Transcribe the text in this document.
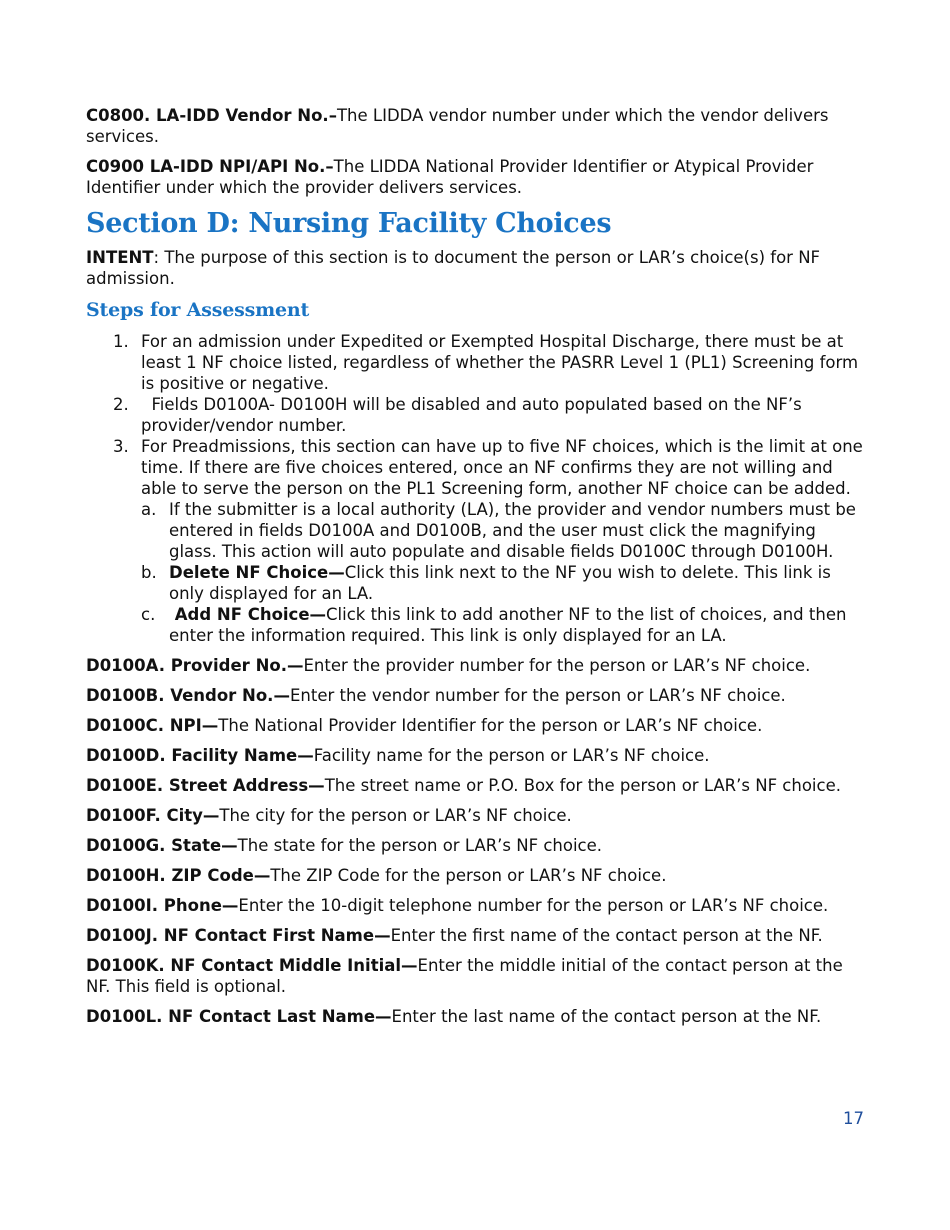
C0800. LA-IDD Vendor No.–The LIDDA vendor number under which the vendor delivers services.

C0900 LA-IDD NPI/API No.–The LIDDA National Provider Identifier or Atypical Provider Identifier under which the provider delivers services.

Section D: Nursing Facility Choices

INTENT: The purpose of this section is to document the person or LAR’s choice(s) for NF admission.

Steps for Assessment
1. For an admission under Expedited or Exempted Hospital Discharge, there must be at least 1 NF choice listed, regardless of whether the PASRR Level 1 (PL1) Screening form is positive or negative.
2. Fields D0100A- D0100H will be disabled and auto populated based on the NF’s provider/vendor number.
3. For Preadmissions, this section can have up to five NF choices, which is the limit at one time. If there are five choices entered, once an NF confirms they are not willing and able to serve the person on the PL1 Screening form, another NF choice can be added.
a. If the submitter is a local authority (LA), the provider and vendor numbers must be entered in fields D0100A and D0100B, and the user must click the magnifying glass. This action will auto populate and disable fields D0100C through D0100H.
b. Delete NF Choice—Click this link next to the NF you wish to delete. This link is only displayed for an LA.
c. Add NF Choice—Click this link to add another NF to the list of choices, and then enter the information required. This link is only displayed for an LA.

D0100A. Provider No.—Enter the provider number for the person or LAR’s NF choice.

D0100B. Vendor No.—Enter the vendor number for the person or LAR’s NF choice.

D0100C. NPI—The National Provider Identifier for the person or LAR’s NF choice.

D0100D. Facility Name—Facility name for the person or LAR’s NF choice.

D0100E. Street Address—The street name or P.O. Box for the person or LAR’s NF choice.

D0100F. City—The city for the person or LAR’s NF choice.

D0100G. State—The state for the person or LAR’s NF choice.

D0100H. ZIP Code—The ZIP Code for the person or LAR’s NF choice.

D0100I. Phone—Enter the 10-digit telephone number for the person or LAR’s NF choice.

D0100J. NF Contact First Name—Enter the first name of the contact person at the NF.

D0100K. NF Contact Middle Initial—Enter the middle initial of the contact person at the NF. This field is optional.

D0100L. NF Contact Last Name—Enter the last name of the contact person at the NF.

17
